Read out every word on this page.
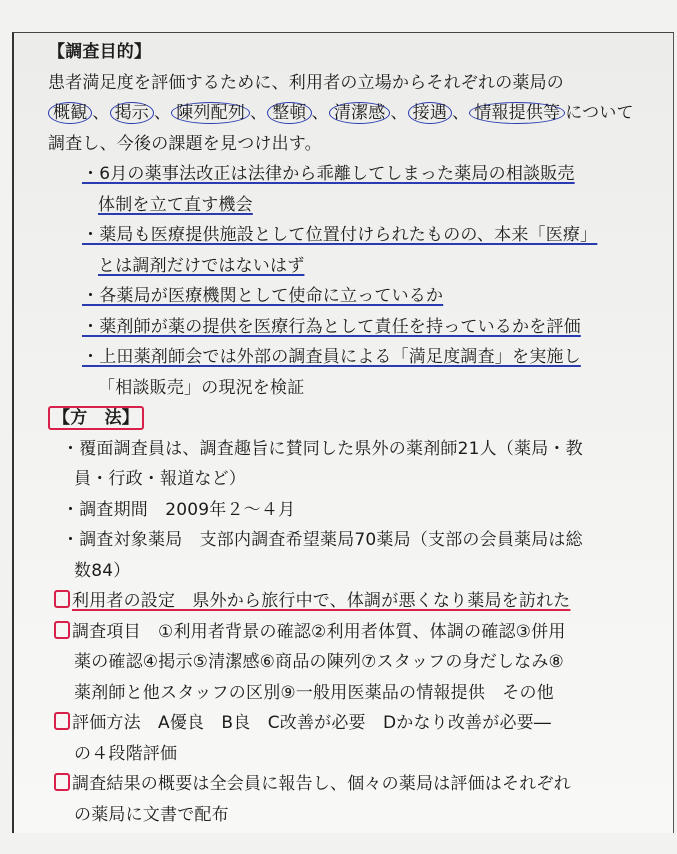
【調査目的】
患者満足度を評価するために、利用者の立場からそれぞれの薬局の
概観 、 掲示 、 陳列配列 、 整頓 、 清潔感 、 接遇 、 情報提供等 について
調査し、今後の課題を見つけ出す。
・6月の薬事法改正は法律から乖離してしまった薬局の相談販売
体制を立て直す機会
・薬局も医療提供施設として位置付けられたものの、本来「医療」
とは調剤だけではないはず
・各薬局が医療機関として使命に立っているか
・薬剤師が薬の提供を医療行為として責任を持っているかを評価
・上田薬剤師会では外部の調査員による「満足度調査」を実施し
「相談販売」の現況を検証
【方　法】
・覆面調査員は、調査趣旨に賛同した県外の薬剤師21人（薬局・教
員・行政・報道など）
・調査期間　2009年２～４月
・調査対象薬局　支部内調査希望薬局70薬局（支部の会員薬局は総
数84）
利用者の設定　県外から旅行中で、体調が悪くなり薬局を訪れた
調査項目　①利用者背景の確認②利用者体質、体調の確認③併用
薬の確認④掲示⑤清潔感⑥商品の陳列⑦スタッフの身だしなみ⑧
薬剤師と他スタッフの区別⑨一般用医薬品の情報提供　その他
評価方法　A優良　B良　C改善が必要　Dかなり改善が必要―
の４段階評価
調査結果の概要は全会員に報告し、個々の薬局は評価はそれぞれ
の薬局に文書で配布
